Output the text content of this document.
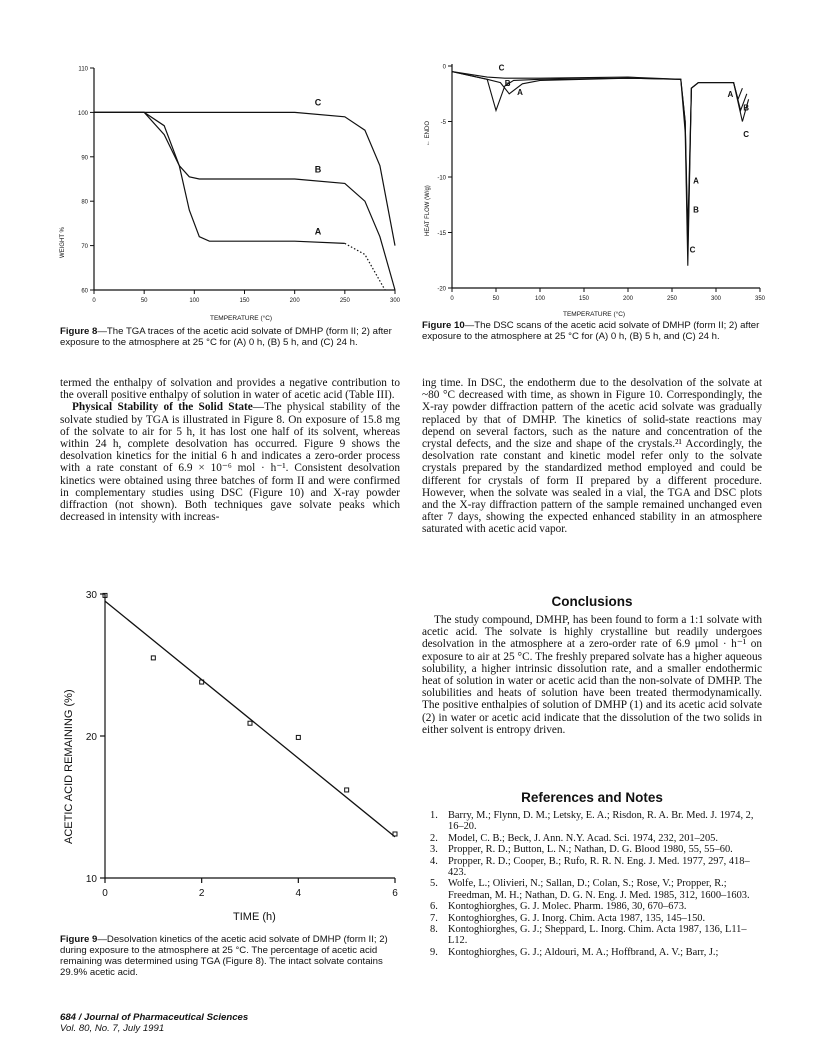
110
100
90
80
70
60
0	50	100	150	200	250	300
A
B
C
WEIGHT %
TEMPERATURE (°C)
Figure 8—The TGA traces of the acetic acid solvate of DMHP (form II; 2) after exposure to the atmosphere at 25 °C for (A) 0 h, (B) 5 h, and (C) 24 h.
0
-5
-10
-15
-20
0	50	100	150	200	250	300	350
C
B
A
A
B
C
A
B
C
HEAT FLOW (W/g)
← ENDO
TEMPERATURE (°C)
Figure 10—The DSC scans of the acetic acid solvate of DMHP (form II; 2) after exposure to the atmosphere at 25 °C for (A) 0 h, (B) 5 h, and (C) 24 h.

termed the enthalpy of solvation and provides a negative contribution to the overall positive enthalpy of solution in water of acetic acid (Table III).

Physical Stability of the Solid State—The physical stability of the solvate studied by TGA is illustrated in Figure 8. On exposure of 15.8 mg of the solvate to air for 5 h, it has lost one half of its solvent, whereas within 24 h, complete desolvation has occurred. Figure 9 shows the desolvation kinetics for the initial 6 h and indicates a zero-order process with a rate constant of 6.9 × 10⁻⁶ mol · h⁻¹. Consistent desolvation kinetics were obtained using three batches of form II and were confirmed in complementary studies using DSC (Figure 10) and X-ray powder diffraction (not shown). Both techniques gave solvate peaks which decreased in intensity with increas-

30
20
10
0	2	4	6
ACETIC ACID REMAINING (%)
TIME (h)
Figure 9—Desolvation kinetics of the acetic acid solvate of DMHP (form II; 2) during exposure to the atmosphere at 25 °C. The percentage of acetic acid remaining was determined using TGA (Figure 8). The intact solvate contains 29.9% acetic acid.

ing time. In DSC, the endotherm due to the desolvation of the solvate at ~80 °C decreased with time, as shown in Figure 10. Correspondingly, the X-ray powder diffraction pattern of the acetic acid solvate was gradually replaced by that of DMHP. The kinetics of solid-state reactions may depend on several factors, such as the nature and concentration of the crystal defects, and the size and shape of the crystals.²¹ Accordingly, the desolvation rate constant and kinetic model refer only to the solvate crystals prepared by the standardized method employed and could be different for crystals of form II prepared by a different procedure. However, when the solvate was sealed in a vial, the TGA and DSC plots and the X-ray diffraction pattern of the sample remained unchanged even after 7 days, showing the expected enhanced stability in an atmosphere saturated with acetic acid vapor.

Conclusions

The study compound, DMHP, has been found to form a 1:1 solvate with acetic acid. The solvate is highly crystalline but readily undergoes desolvation in the atmosphere at a zero-order rate of 6.9 μmol · h⁻¹ on exposure to air at 25 °C. The freshly prepared solvate has a higher aqueous solubility, a higher intrinsic dissolution rate, and a smaller endothermic heat of solution in water or acetic acid than the non-solvate of DMHP. The solubilities and heats of solution have been treated thermodynamically. The positive enthalpies of solution of DMHP (1) and its acetic acid solvate (2) in water or acetic acid indicate that the dissolution of the two solids in either solvent is entropy driven.

References and Notes
1. Barry, M.; Flynn, D. M.; Letsky, E. A.; Risdon, R. A. Br. Med. J. 1974, 2, 16–20.
2. Model, C. B.; Beck, J. Ann. N.Y. Acad. Sci. 1974, 232, 201–205.
3. Propper, R. D.; Button, L. N.; Nathan, D. G. Blood 1980, 55, 55–60.
4. Propper, R. D.; Cooper, B.; Rufo, R. R. N. Eng. J. Med. 1977, 297, 418–423.
5. Wolfe, L.; Olivieri, N.; Sallan, D.; Colan, S.; Rose, V.; Propper, R.; Freedman, M. H.; Nathan, D. G. N. Eng. J. Med. 1985, 312, 1600–1603.
6. Kontoghiorghes, G. J. Molec. Pharm. 1986, 30, 670–673.
7. Kontoghiorghes, G. J. Inorg. Chim. Acta 1987, 135, 145–150.
8. Kontoghiorghes, G. J.; Sheppard, L. Inorg. Chim. Acta 1987, 136, L11–L12.
9. Kontoghiorghes, G. J.; Aldouri, M. A.; Hoffbrand, A. V.; Barr, J.;
684 / Journal of Pharmaceutical Sciences
Vol. 80, No. 7, July 1991
